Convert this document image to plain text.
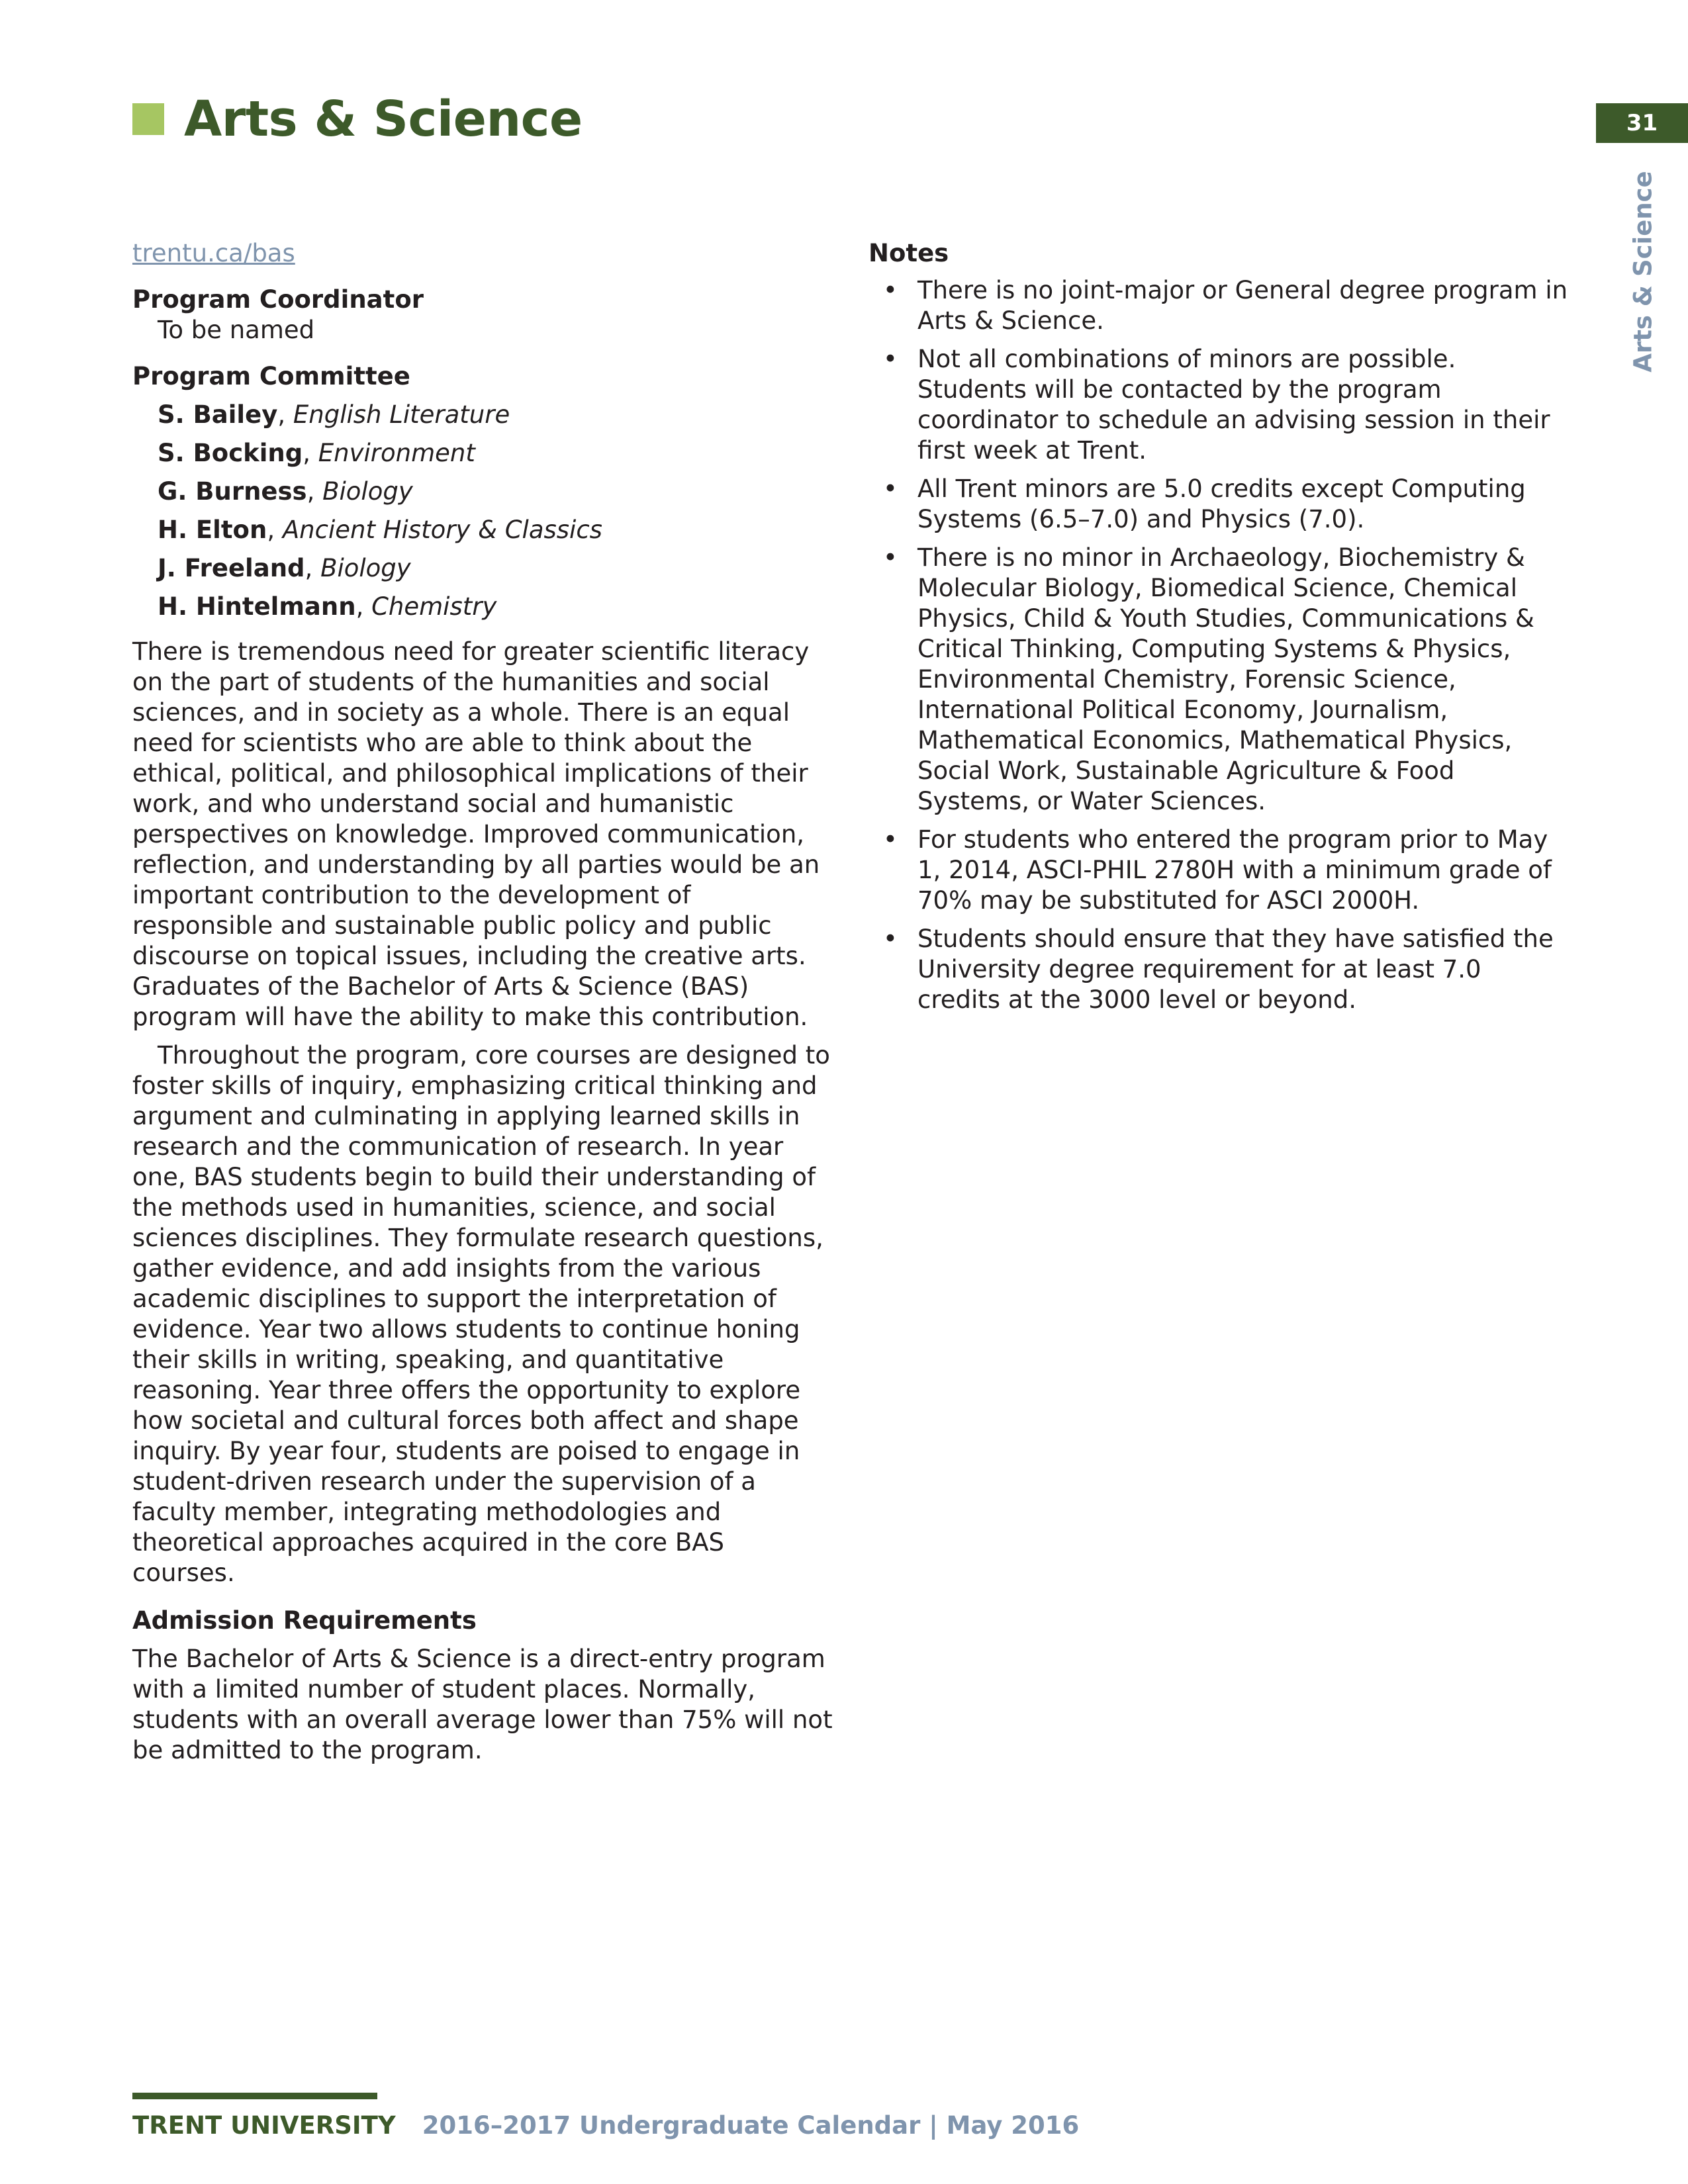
Arts & Science	31
Arts & Science
trentu.ca/bas
Program Coordinator
To be named
Program Committee
S. Bailey, English Literature
S. Bocking, Environment
G. Burness, Biology
H. Elton, Ancient History & Classics
J. Freeland, Biology
H. Hintelmann, Chemistry

There is tremendous need for greater scientific literacy on the part of students of the humanities and social sciences, and in society as a whole. There is an equal need for scientists who are able to think about the ethical, political, and philosophical implications of their work, and who understand social and humanistic perspectives on knowledge. Improved communication, reflection, and understanding by all parties would be an important contribution to the development of responsible and sustainable public policy and public discourse on topical issues, including the creative arts. Graduates of the Bachelor of Arts & Science (BAS) program will have the ability to make this contribution.

Throughout the program, core courses are designed to foster skills of inquiry, emphasizing critical thinking and argument and culminating in applying learned skills in research and the communication of research. In year one, BAS students begin to build their understanding of the methods used in humanities, science, and social sciences disciplines. They formulate research questions, gather evidence, and add insights from the various academic disciplines to support the interpretation of evidence. Year two allows students to continue honing their skills in writing, speaking, and quantitative reasoning. Year three offers the opportunity to explore how societal and cultural forces both affect and shape inquiry. By year four, students are poised to engage in student-driven research under the supervision of a faculty member, integrating methodologies and theoretical approaches acquired in the core BAS courses.

Admission Requirements

The Bachelor of Arts & Science is a direct-entry program with a limited number of student places. Normally, students with an overall average lower than 75% will not be admitted to the program.

Notes
• There is no joint-major or General degree program in Arts & Science.
• Not all combinations of minors are possible. Students will be contacted by the program coordinator to schedule an advising session in their first week at Trent.
• All Trent minors are 5.0 credits except Computing Systems (6.5–7.0) and Physics (7.0).
• There is no minor in Archaeology, Biochemistry & Molecular Biology, Biomedical Science, Chemical Physics, Child & Youth Studies, Communications & Critical Thinking, Computing Systems & Physics, Environmental Chemistry, Forensic Science, International Political Economy, Journalism, Mathematical Economics, Mathematical Physics, Social Work, Sustainable Agriculture & Food Systems, or Water Sciences.
• For students who entered the program prior to May 1, 2014, ASCI-PHIL 2780H with a minimum grade of 70% may be substituted for ASCI 2000H.
• Students should ensure that they have satisfied the University degree requirement for at least 7.0 credits at the 3000 level or beyond.
TRENT UNIVERSITY 2016–2017 Undergraduate Calendar | May 2016
